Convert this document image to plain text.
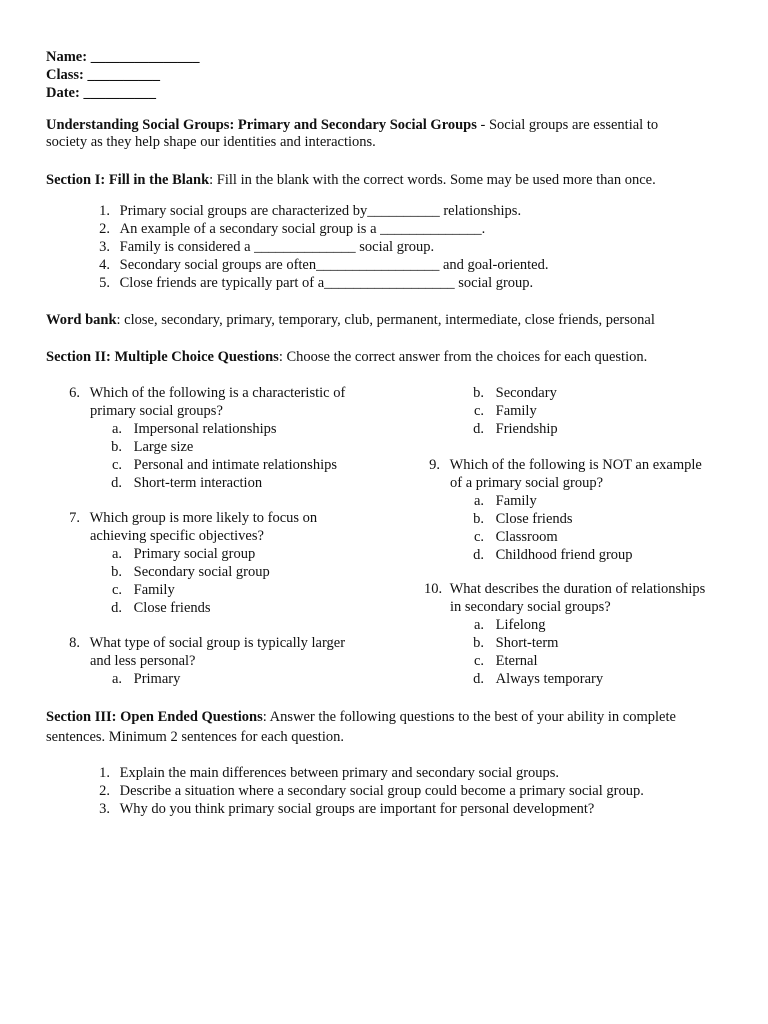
Name: _______________
Class: __________
Date: __________
Understanding Social Groups: Primary and Secondary Social Groups - Social groups are essential to
society as they help shape our identities and interactions.
Section I: Fill in the Blank: Fill in the blank with the correct words. Some may be used more than once.
1. Primary social groups are characterized by__________ relationships.
2. An example of a secondary social group is a ______________.
3. Family is considered a ______________ social group.
4. Secondary social groups are often_________________ and goal-oriented.
5. Close friends are typically part of a__________________ social group.
Word bank: close, secondary, primary, temporary, club, permanent, intermediate, close friends, personal
Section II: Multiple Choice Questions: Choose the correct answer from the choices for each question.
6. Which of the following is a characteristic of
primary social groups?
a. Impersonal relationships
b. Large size
c. Personal and intimate relationships
d. Short-term interaction
7. Which group is more likely to focus on
achieving specific objectives?
a. Primary social group
b. Secondary social group
c. Family
d. Close friends
8. What type of social group is typically larger
and less personal?
a. Primary
b. Secondary
c. Family
d. Friendship
9. Which of the following is NOT an example
of a primary social group?
a. Family
b. Close friends
c. Classroom
d. Childhood friend group
10. What describes the duration of relationships
in secondary social groups?
a. Lifelong
b. Short-term
c. Eternal
d. Always temporary
Section III: Open Ended Questions: Answer the following questions to the best of your ability in complete
sentences. Minimum 2 sentences for each question.
1. Explain the main differences between primary and secondary social groups.
2. Describe a situation where a secondary social group could become a primary social group.
3. Why do you think primary social groups are important for personal development?
